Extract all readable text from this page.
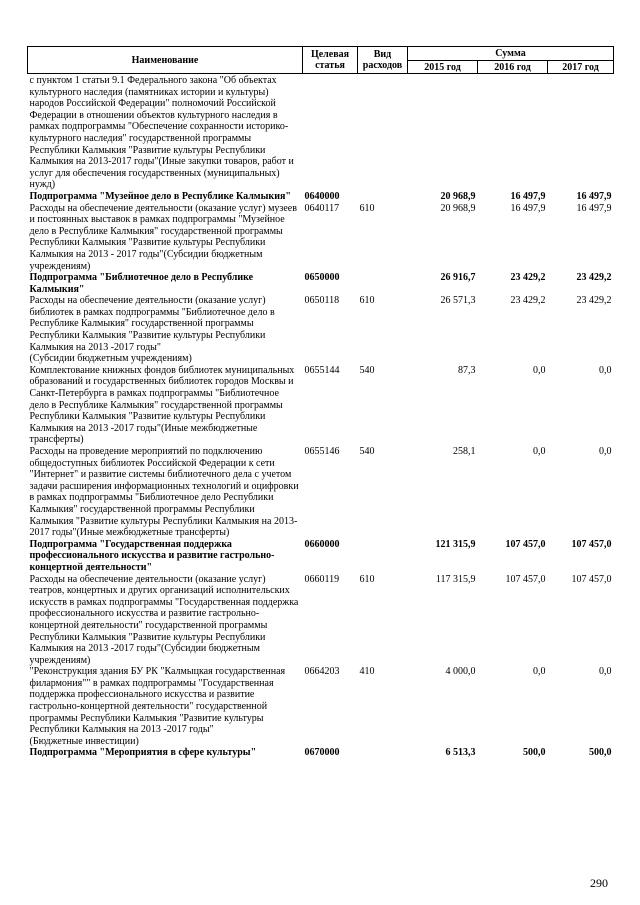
Наименование	Целевая статья	Вид расходов	Сумма		
			2015 год	2016 год	2017 год
с пунктом 1 статьи 9.1 Федерального закона "Об объектах культурного наследия (памятниках истории и культуры) народов Российской Федерации" полномочий Российской Федерации в отношении объектов культурного наследия в рамках подпрограммы "Обеспечение сохранности историко-культурного наследия" государственной программы Республики Калмыкия "Развитие культуры Республики Калмыкия на 2013-2017 годы"(Иные закупки товаров, работ и услуг для обеспечения государственных (муниципальных) нужд)					
Подпрограмма "Музейное дело в Республике Калмыкия"	0640000		20 968,9	16 497,9	16 497,9
Расходы на обеспечение деятельности (оказание услуг) музеев и постоянных выставок в рамках подпрограммы "Музейное дело в Республике Калмыкия" государственной программы Республики Калмыкия "Развитие культуры Республики Калмыкия на 2013 - 2017 годы"(Субсидии бюджетным учреждениям)	0640117	610	20 968,9	16 497,9	16 497,9
Подпрограмма "Библиотечное дело в Республике Калмыкия"	0650000		26 916,7	23 429,2	23 429,2
Расходы на обеспечение деятельности (оказание услуг) библиотек в рамках подпрограммы "Библиотечное дело в Республике Калмыкия" государственной программы Республики Калмыкия "Развитие культуры Республики Калмыкия на 2013 -2017 годы"
(Субсидии бюджетным учреждениям)	0650118	610	26 571,3	23 429,2	23 429,2
Комплектование книжных фондов библиотек муниципальных образований и государственных библиотек городов Москвы и Санкт-Петербурга в рамках подпрограммы "Библиотечное дело в Республике Калмыкия" государственной программы Республики Калмыкия "Развитие культуры Республики Калмыкия на 2013 -2017 годы"(Иные межбюджетные трансферты)	0655144	540	87,3	0,0	0,0
Расходы на проведение мероприятий по подключению общедоступных библиотек Российской Федерации к сети "Интернет" и развитие системы библиотечного дела с учетом задачи расширения информационных технологий и оцифровки в рамках подпрограммы "Библиотечное дело Республики Калмыкия" государственной программы Республики Калмыкия "Развитие культуры Республики Калмыкия на 2013-2017 годы"(Иные межбюджетные трансферты)	0655146	540	258,1	0,0	0,0
Подпрограмма "Государственная поддержка профессионального искусства и развитие гастрольно-концертной деятельности"	0660000		121 315,9	107 457,0	107 457,0
Расходы на обеспечение деятельности (оказание услуг) театров, концертных и других организаций исполнительских искусств в рамках подпрограммы "Государственная поддержка профессионального искусства и развитие гастрольно-концертной деятельности" государственной программы Республики Калмыкия "Развитие культуры Республики Калмыкия на 2013 -2017 годы"(Субсидии бюджетным учреждениям)	0660119	610	117 315,9	107 457,0	107 457,0
"Реконструкция здания БУ РК "Калмыцкая государственная филармония"" в рамках подпрограммы "Государственная поддержка профессионального искусства и развитие гастрольно-концертной деятельности" государственной программы Республики Калмыкия "Развитие культуры Республики Калмыкия на 2013 -2017 годы"
(Бюджетные инвестиции)	0664203	410	4 000,0	0,0	0,0
Подпрограмма "Мероприятия в сфере культуры"	0670000		6 513,3	500,0	500,0
290
